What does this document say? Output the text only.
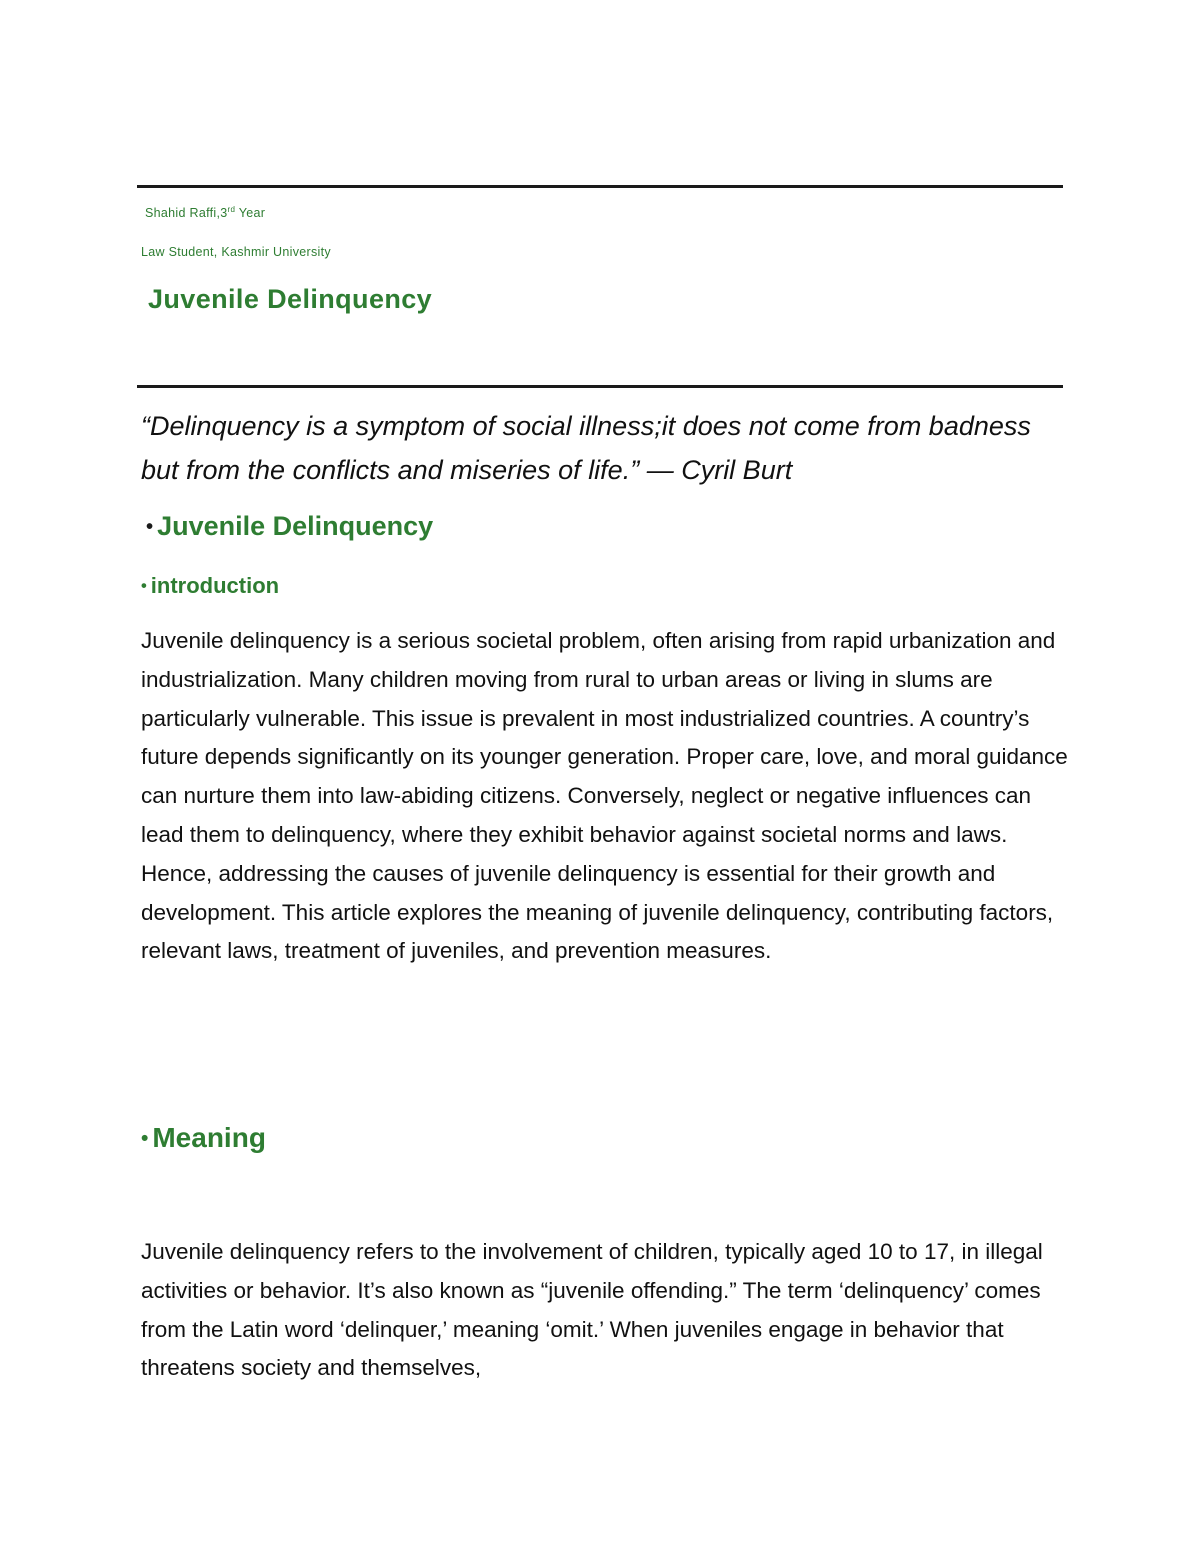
Shahid Raffi,3rd Year
Law Student, Kashmir University
Juvenile Delinquency
“Delinquency is a symptom of social illness;it does not come from badness but from the conflicts and miseries of life.” — Cyril Burt
• Juvenile Delinquency
• introduction
Juvenile delinquency is a serious societal problem, often arising from rapid urbanization and industrialization. Many children moving from rural to urban areas or living in slums are particularly vulnerable. This issue is prevalent in most industrialized countries. A country’s future depends significantly on its younger generation. Proper care, love, and moral guidance can nurture them into law-abiding citizens. Conversely, neglect or negative influences can lead them to delinquency, where they exhibit behavior against societal norms and laws. Hence, addressing the causes of juvenile delinquency is essential for their growth and development. This article explores the meaning of juvenile delinquency, contributing factors, relevant laws, treatment of juveniles, and prevention measures.
• Meaning
Juvenile delinquency refers to the involvement of children, typically aged 10 to 17, in illegal activities or behavior. It’s also known as “juvenile offending.” The term ‘delinquency’ comes from the Latin word ‘delinquer,’ meaning ‘omit.’ When juveniles engage in behavior that threatens society and themselves,
